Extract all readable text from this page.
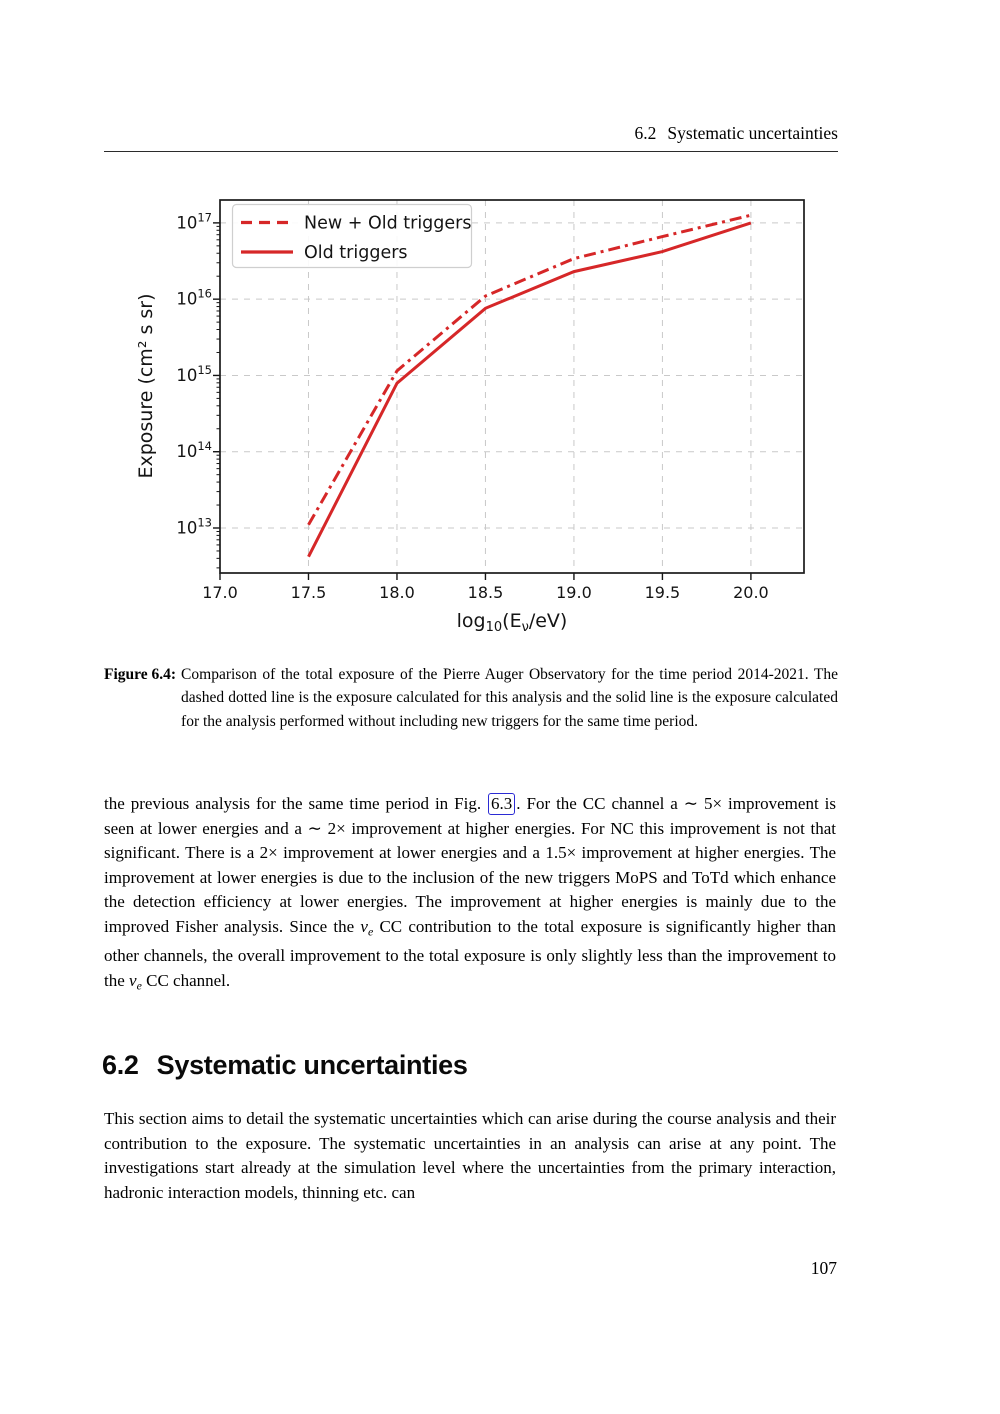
6.2 Systematic uncertainties
17.0	17.5	18.0	18.5	19.0	19.5	20.0
$10^{13}$
$10^{14}$
$10^{15}$
$10^{16}$
$10^{17}$	New + Old triggers
Old triggers
$\log_{10}(E_\nu/eV)$
Exposure (cm² s sr)
Figure 6.4: Comparison of the total exposure of the Pierre Auger Observatory for the time period 2014-2021. The dashed dotted line is the exposure calculated for this analysis and the solid line is the exposure calculated for the analysis performed without including new triggers for the same time period.
the previous analysis for the same time period in Fig. 6.3 . For the CC channel a ∼ 5× improvement is seen at lower energies and a ∼ 2× improvement at higher energies. For NC this improvement is not that significant. There is a 2× improvement at lower energies and a 1.5× improvement at higher energies. The improvement at lower energies is due to the inclusion of the new triggers MoPS and ToTd which enhance the detection efficiency at lower energies. The improvement at higher energies is mainly due to the improved Fisher analysis. Since the $\nu_e$ CC contribution to the total exposure is significantly higher than other channels, the overall improvement to the total exposure is only slightly less than the improvement to the $\nu_e$ CC channel.
6.2 Systematic uncertainties
This section aims to detail the systematic uncertainties which can arise during the course analysis and their contribution to the exposure. The systematic uncertainties in an analysis can arise at any point. The investigations start already at the simulation level where the uncertainties from the primary interaction, hadronic interaction models, thinning etc. can
107
